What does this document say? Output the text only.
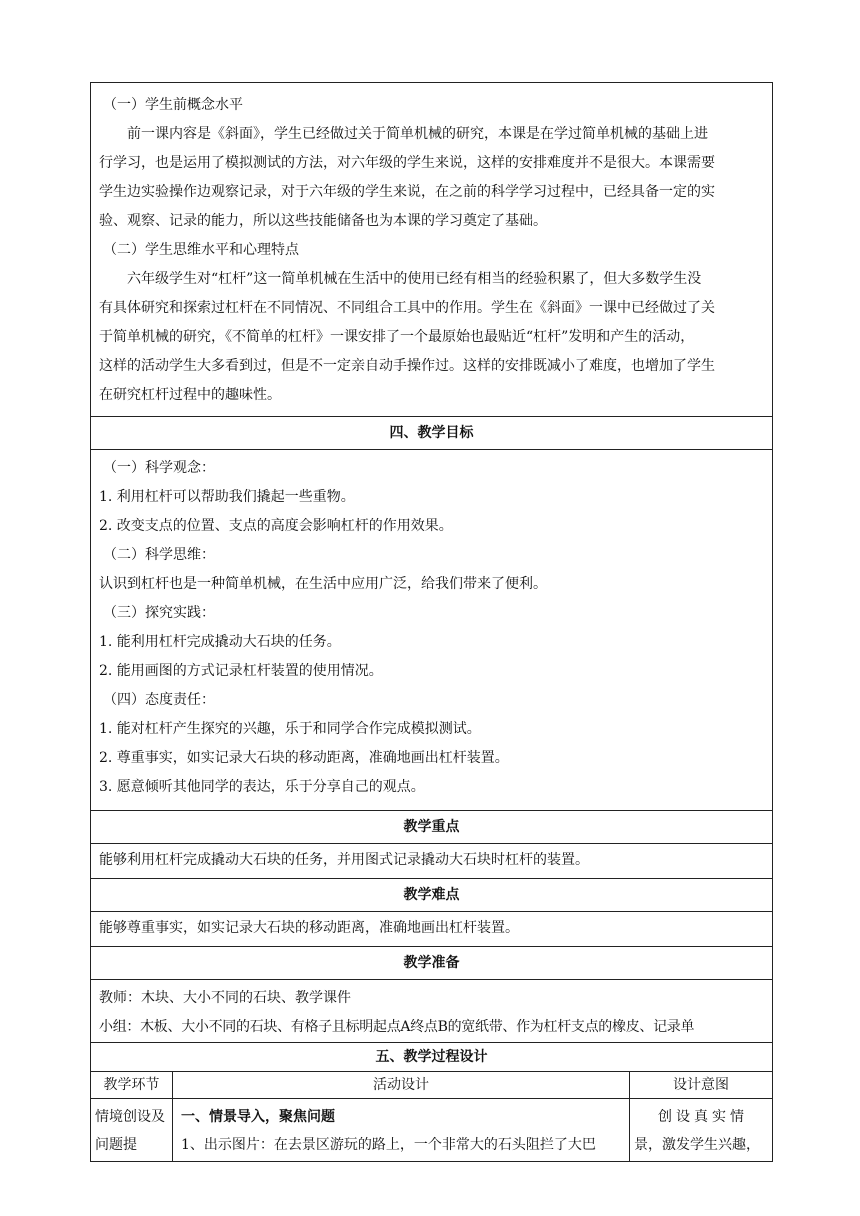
（一）学生前概念水平

前一课内容是《斜面》，学生已经做过关于简单机械的研究，本课是在学过简单机械的基础上进

行学习，也是运用了模拟测试的方法，对六年级的学生来说，这样的安排难度并不是很大。本课需要

学生边实验操作边观察记录，对于六年级的学生来说，在之前的科学学习过程中，已经具备一定的实

验、观察、记录的能力，所以这些技能储备也为本课的学习奠定了基础。

（二）学生思维水平和心理特点

六年级学生对“杠杆”这一简单机械在生活中的使用已经有相当的经验积累了，但大多数学生没

有具体研究和探索过杠杆在不同情况、不同组合工具中的作用。学生在《斜面》一课中已经做过了关

于简单机械的研究，《不简单的杠杆》一课安排了一个最原始也最贴近“杠杆”发明和产生的活动，

这样的活动学生大多看到过，但是不一定亲自动手操作过。这样的安排既减小了难度，也增加了学生

在研究杠杆过程中的趣味性。

四、教学目标

（一）科学观念：

1. 利用杠杆可以帮助我们撬起一些重物。

2. 改变支点的位置、支点的高度会影响杠杆的作用效果。

（二）科学思维：

认识到杠杆也是一种简单机械，在生活中应用广泛，给我们带来了便利。

（三）探究实践：

1. 能利用杠杆完成撬动大石块的任务。

2. 能用画图的方式记录杠杆装置的使用情况。

（四）态度责任：

1. 能对杠杆产生探究的兴趣，乐于和同学合作完成模拟测试。

2. 尊重事实，如实记录大石块的移动距离，准确地画出杠杆装置。

3. 愿意倾听其他同学的表达，乐于分享自己的观点。

教学重点

能够利用杠杆完成撬动大石块的任务，并用图式记录撬动大石块时杠杆的装置。

教学难点

能够尊重事实，如实记录大石块的移动距离，准确地画出杠杆装置。

教学准备

教师：木块、大小不同的石块、教学课件

小组：木板、大小不同的石块、有格子且标明起点A终点B的宽纸带、作为杠杆支点的橡皮、记录单

五、教学过程设计
教学环节	活动设计	设计意图
情境创设及问题提
一、情景导入，聚焦问题
1、出示图片：在去景区游玩的路上，一个非常大的石头阻拦了大巴
创设真实情
景，激发学生兴趣，
